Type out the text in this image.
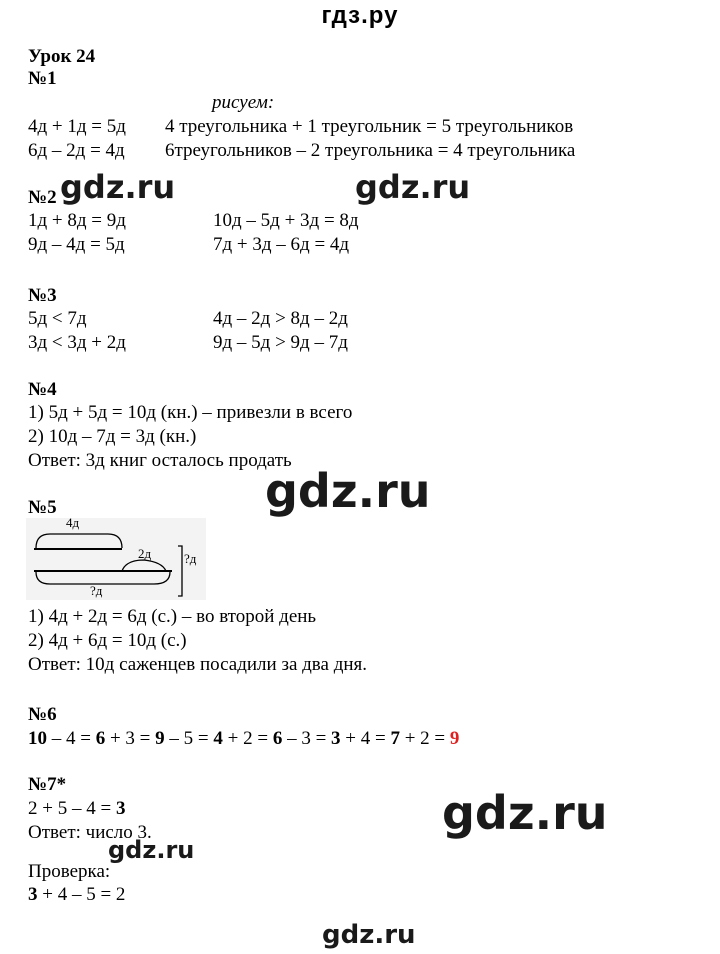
гдз.ру
Урок 24
№1
рисуем:
4д + 1д = 5д 4 треугольника + 1 треугольник = 5 треугольников
6д – 2д = 4д 6треугольников – 2 треугольника = 4 треугольника
№2
1д + 8д = 9д	10д – 5д + 3д = 8д
9д – 4д = 5д	7д + 3д – 6д = 4д
№3
5д < 7д	4д – 2д > 8д – 2д
3д < 3д + 2д	9д – 5д > 9д – 7д
№4
1) 5д + 5д = 10д (кн.) – привезли в всего
2) 10д – 7д = 3д (кн.)
Ответ: 3д книг осталось продать
№5
4д
2д	?д
?д
1) 4д + 2д = 6д (с.) – во второй день
2) 4д + 6д = 10д (с.)
Ответ: 10д саженцев посадили за два дня.
№6
10 – 4 = 6 + 3 = 9 – 5 = 4 + 2 = 6 – 3 = 3 + 4 = 7 + 2 = 9
№7*
2 + 5 – 4 = 3
Ответ: число 3.
Проверка:
3 + 4 – 5 = 2
gdz.ru	gdz.ru
gdz.ru
gdz.ru
gdz.ru
gdz.ru
